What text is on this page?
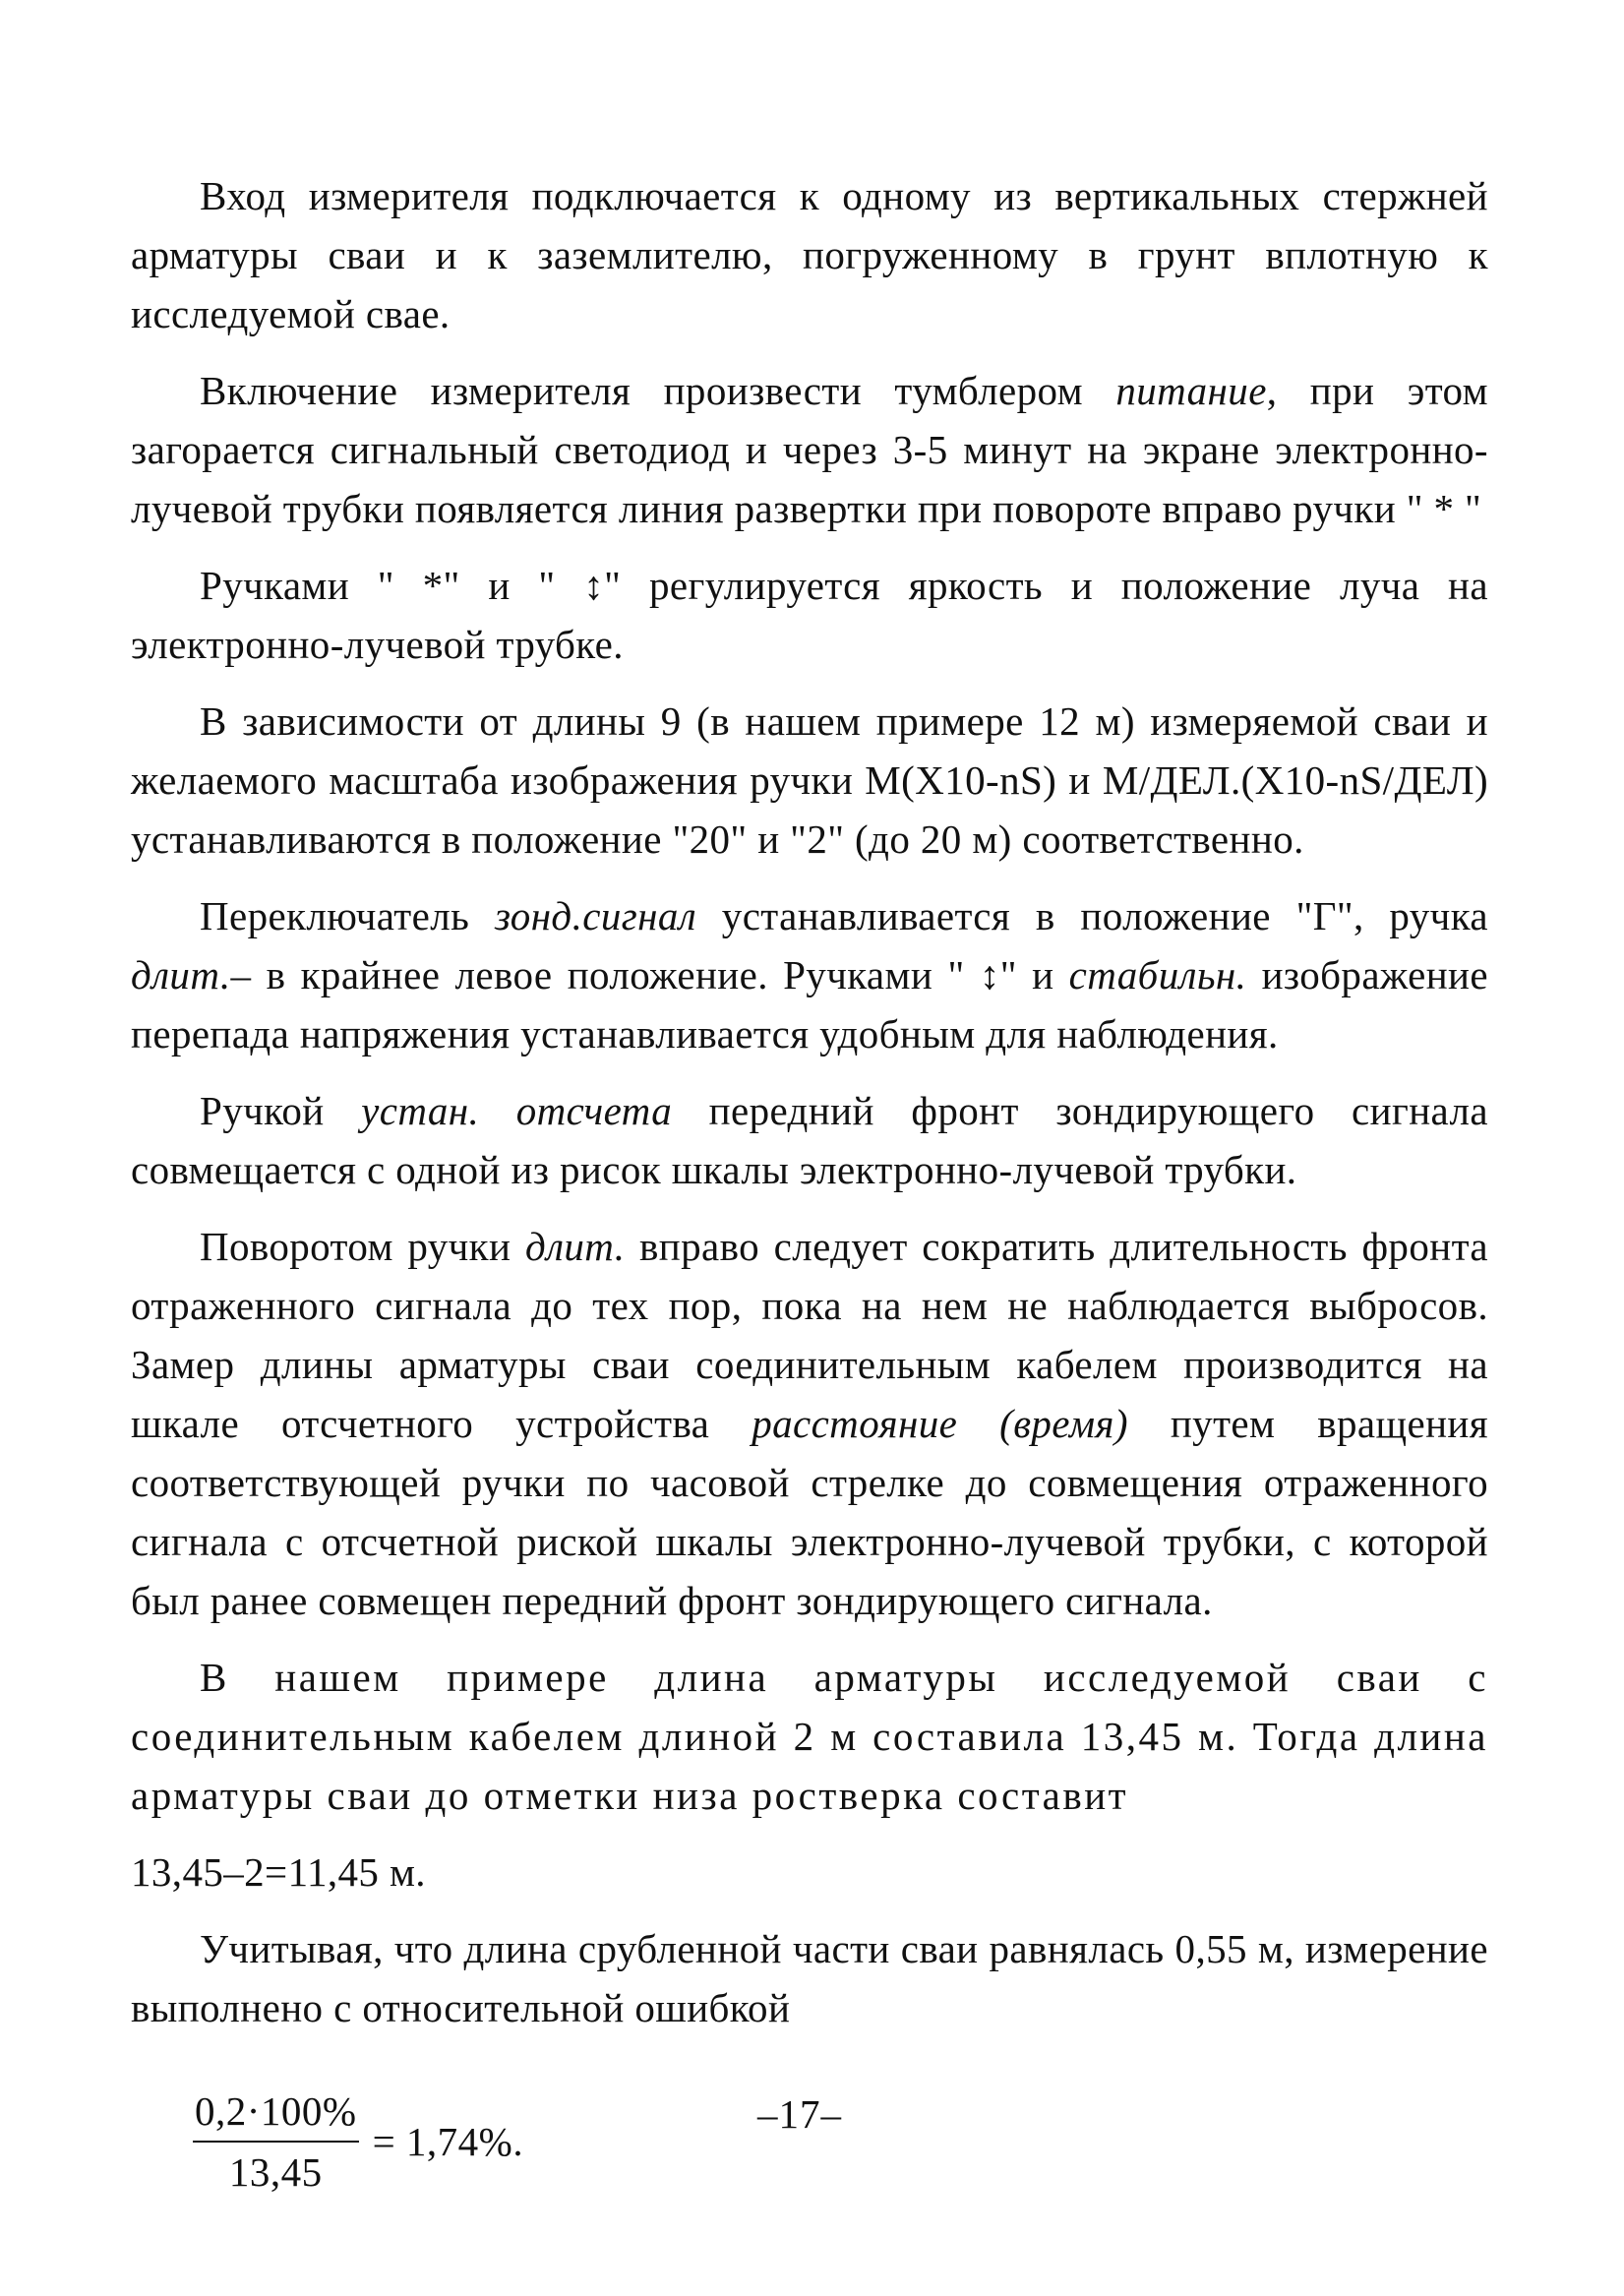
Вход измерителя подключается к одному из вертикальных стержней арматуры сваи и к заземлителю, погруженному в грунт вплотную к исследуемой свае.

Включение измерителя произвести тумблером питание, при этом загорается сигнальный светодиод и через 3-5 минут на экране электронно-лучевой трубки появляется линия развертки при повороте вправо ручки " * "

Ручками " *" и " ↕" регулируется яркость и положение луча на электронно-лучевой трубке.

В зависимости от длины 9 (в нашем примере 12 м) измеряемой сваи и желаемого масштаба изображения ручки М(Х10-nS) и М/ДЕЛ.(Х10-nS/ДЕЛ) устанавливаются в положение "20" и "2" (до 20 м) соответственно.

Переключатель зонд.сигнал устанавливается в положение "Г", ручка длит.– в крайнее левое положение. Ручками " ↕" и стабильн. изображение перепада напряжения устанавливается удобным для наблюдения.

Ручкой устан. отсчета передний фронт зондирующего сигнала совмещается с одной из рисок шкалы электронно-лучевой трубки.

Поворотом ручки длит. вправо следует сократить длительность фронта отраженного сигнала до тех пор, пока на нем не наблюдается выбросов. Замер длины арматуры сваи соединительным кабелем производится на шкале отсчетного устройства расстояние (время) путем вращения соответствующей ручки по часовой стрелке до совмещения отраженного сигнала с отсчетной риской шкалы электронно-лучевой трубки, с которой был ранее совмещен передний фронт зондирующего сигнала.

В нашем примере длина арматуры исследуемой сваи с соединительным кабелем длиной 2 м составила 13,45 м. Тогда длина арматуры сваи до отметки низа ростверка составит

13,45–2=11,45 м.

Учитывая, что длина срубленной части сваи равнялась 0,55 м, измерение выполнено с относительной ошибкой

$\frac{0,2\cdot 100\%}{13,45} = 1,74\%$.
–17–
